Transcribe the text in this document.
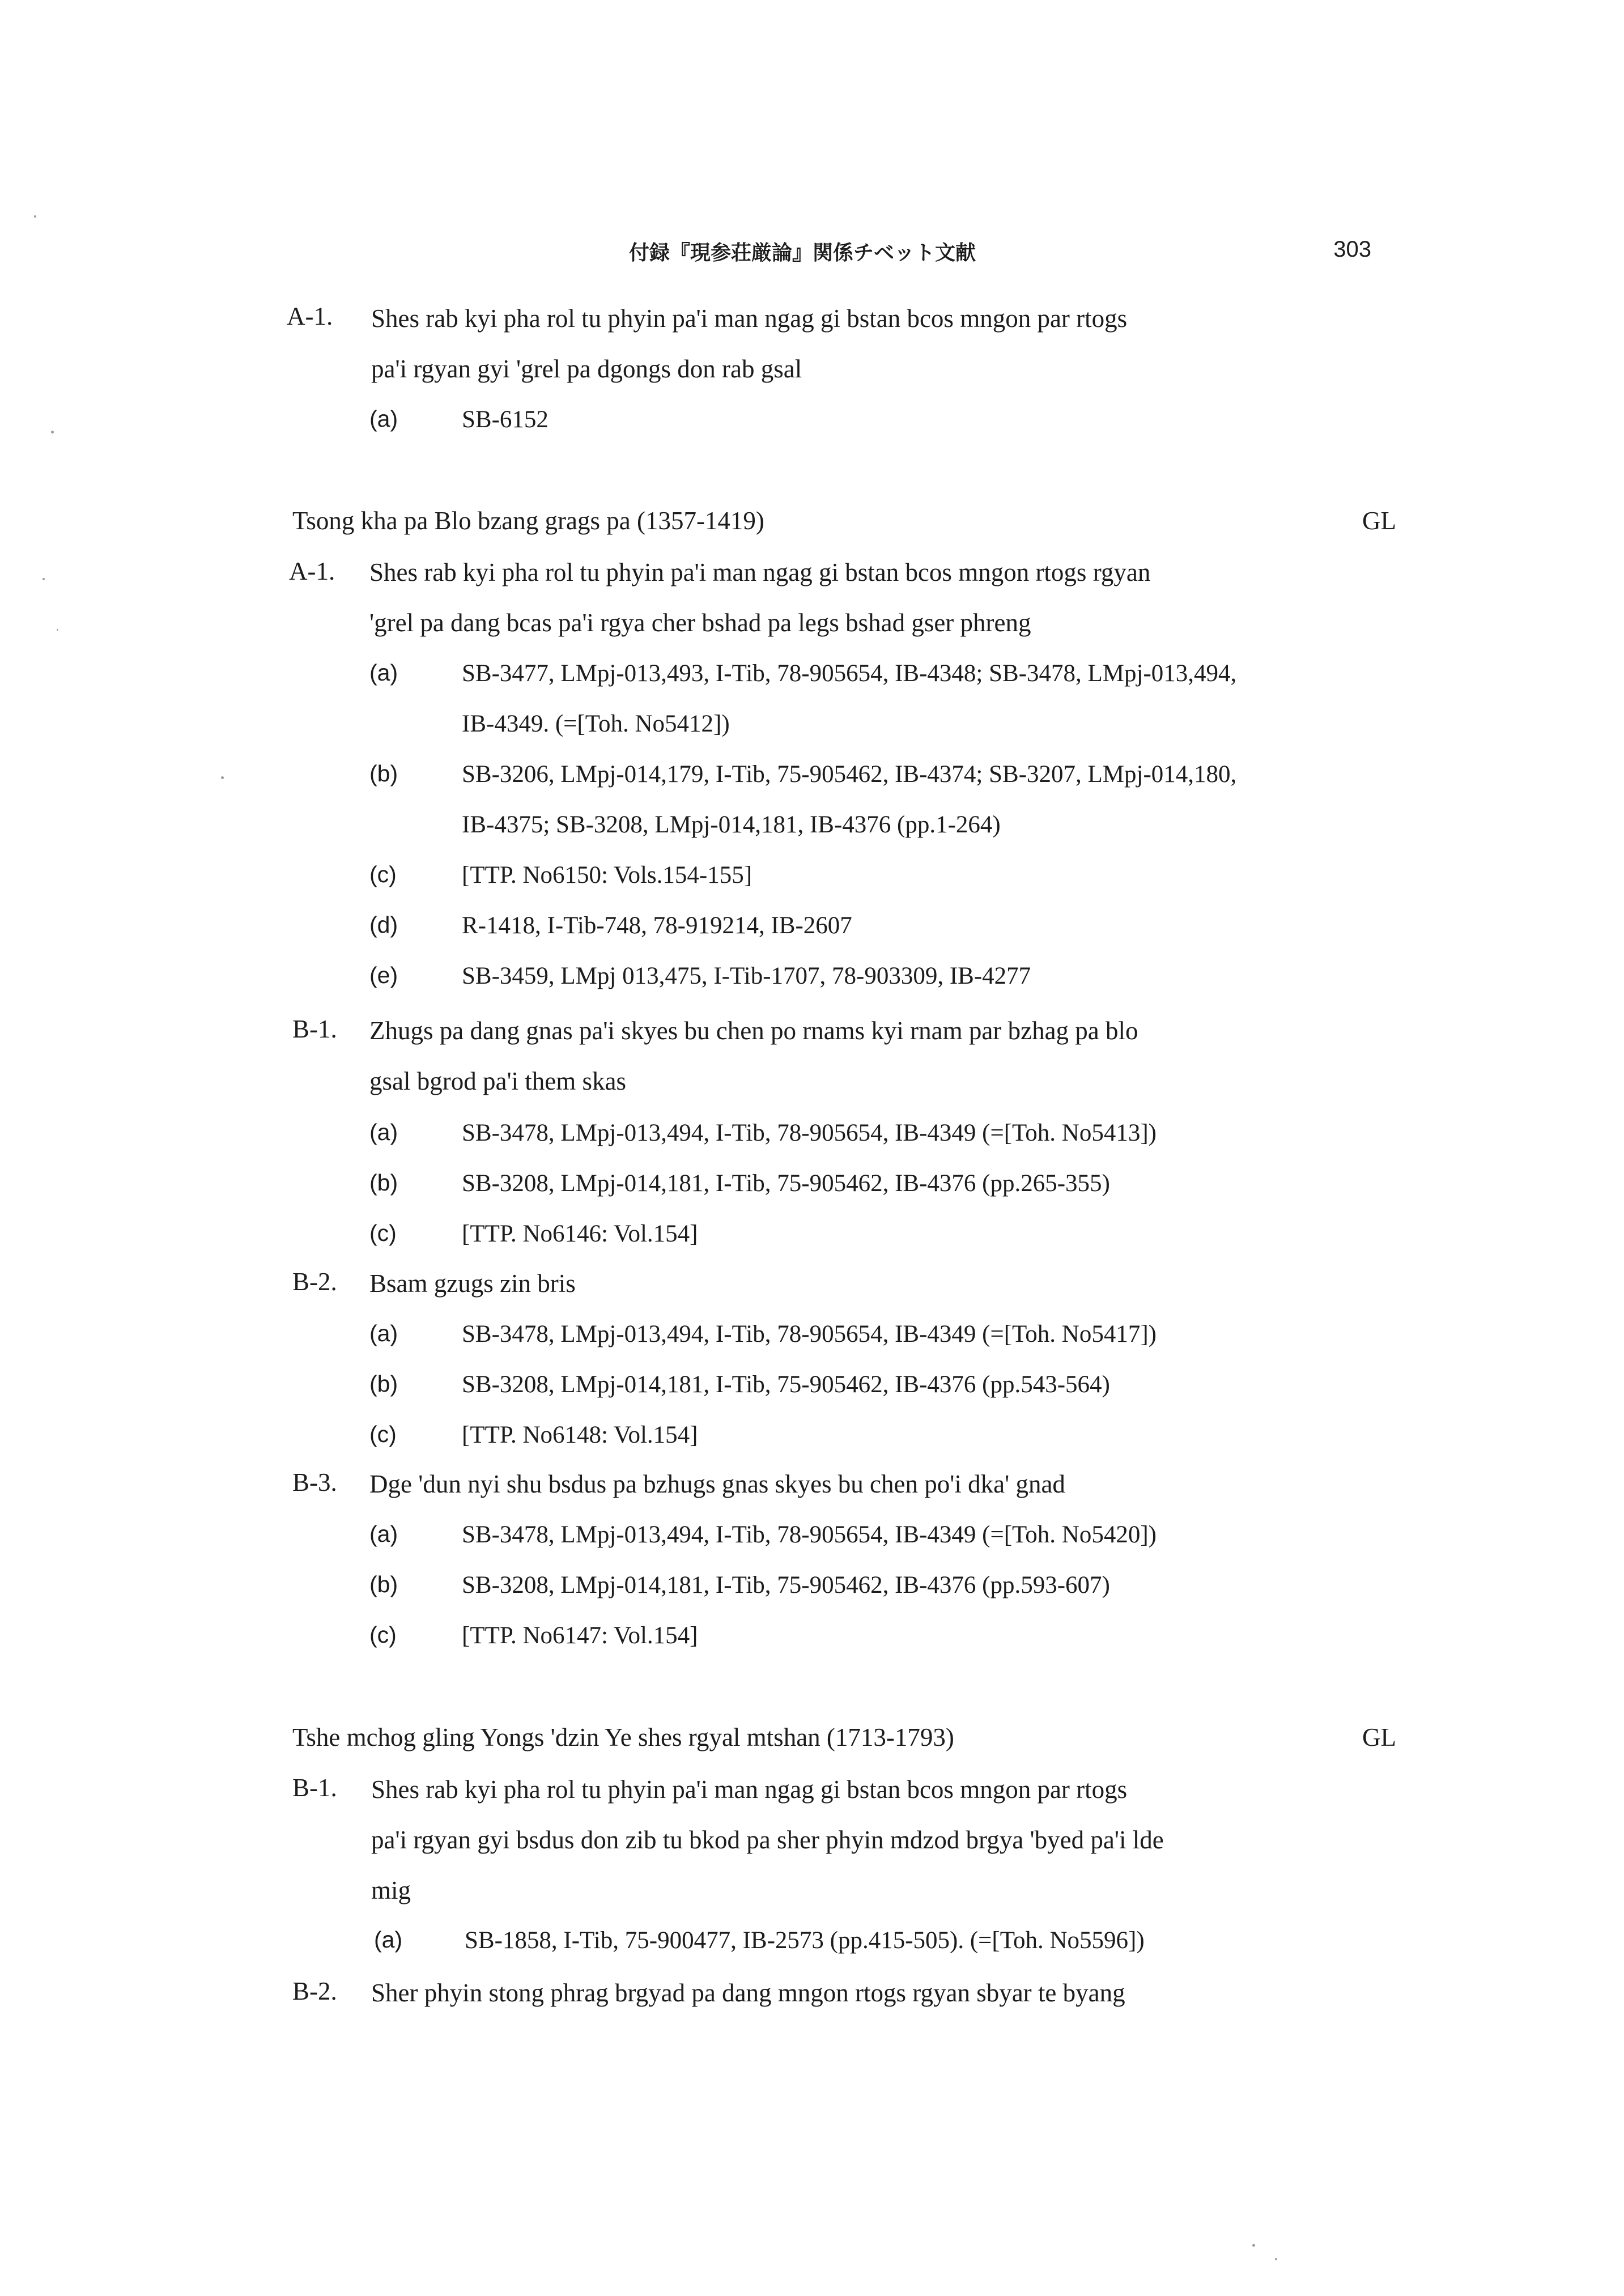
付録『現参荘厳論』関係チベット文献	303
A-1. Shes rab kyi pha rol tu phyin pa'i man ngag gi bstan bcos mngon par rtogs
pa'i rgyan gyi 'grel pa dgongs don rab gsal
(a)	SB-6152
Tsong kha pa Blo bzang grags pa (1357-1419)	GL
A-1. Shes rab kyi pha rol tu phyin pa'i man ngag gi bstan bcos mngon rtogs rgyan
'grel pa dang bcas pa'i rgya cher bshad pa legs bshad gser phreng
(a)	SB-3477, LMpj-013,493, I-Tib, 78-905654, IB-4348; SB-3478, LMpj-013,494,
IB-4349. (=[Toh. No5412])
(b)	SB-3206, LMpj-014,179, I-Tib, 75-905462, IB-4374; SB-3207, LMpj-014,180,
IB-4375; SB-3208, LMpj-014,181, IB-4376 (pp.1-264)
(c)	[TTP. No6150: Vols.154-155]
(d)	R-1418, I-Tib-748, 78-919214, IB-2607
(e)	SB-3459, LMpj 013,475, I-Tib-1707, 78-903309, IB-4277
B-1. Zhugs pa dang gnas pa'i skyes bu chen po rnams kyi rnam par bzhag pa blo
gsal bgrod pa'i them skas
(a)	SB-3478, LMpj-013,494, I-Tib, 78-905654, IB-4349 (=[Toh. No5413])
(b)	SB-3208, LMpj-014,181, I-Tib, 75-905462, IB-4376 (pp.265-355)
(c)	[TTP. No6146: Vol.154]
B-2. Bsam gzugs zin bris
(a)	SB-3478, LMpj-013,494, I-Tib, 78-905654, IB-4349 (=[Toh. No5417])
(b)	SB-3208, LMpj-014,181, I-Tib, 75-905462, IB-4376 (pp.543-564)
(c)	[TTP. No6148: Vol.154]
B-3. Dge 'dun nyi shu bsdus pa bzhugs gnas skyes bu chen po'i dka' gnad
(a)	SB-3478, LMpj-013,494, I-Tib, 78-905654, IB-4349 (=[Toh. No5420])
(b)	SB-3208, LMpj-014,181, I-Tib, 75-905462, IB-4376 (pp.593-607)
(c)	[TTP. No6147: Vol.154]
Tshe mchog gling Yongs 'dzin Ye shes rgyal mtshan (1713-1793)	GL
B-1. Shes rab kyi pha rol tu phyin pa'i man ngag gi bstan bcos mngon par rtogs
pa'i rgyan gyi bsdus don zib tu bkod pa sher phyin mdzod brgya 'byed pa'i lde
mig
(a)	SB-1858, I-Tib, 75-900477, IB-2573 (pp.415-505). (=[Toh. No5596])
B-2. Sher phyin stong phrag brgyad pa dang mngon rtogs rgyan sbyar te byang
